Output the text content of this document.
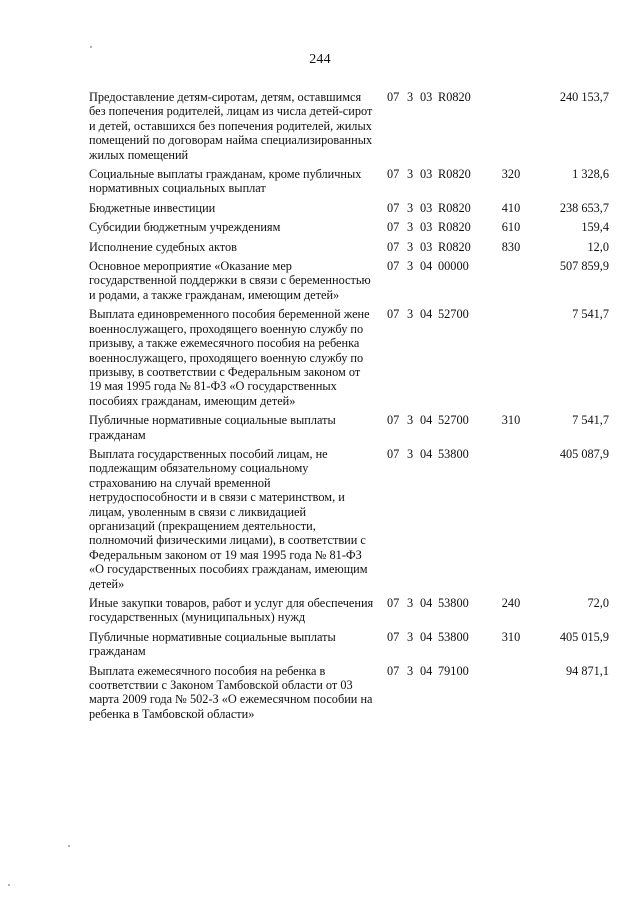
244
Предоставление детям-сиротам, детям, оставшимся без попечения родителей, лицам из числа детей-сирот и детей, оставшихся без попечения родителей, жилых помещений по договорам найма специализированных жилых помещений	07	3	03	R0820		240 153,7
Социальные выплаты гражданам, кроме публичных нормативных социальных выплат	07	3	03	R0820	320	1 328,6
Бюджетные инвестиции	07	3	03	R0820	410	238 653,7
Субсидии бюджетным учреждениям	07	3	03	R0820	610	159,4
Исполнение судебных актов	07	3	03	R0820	830	12,0
Основное мероприятие «Оказание мер государственной поддержки в связи с беременностью и родами, а также гражданам, имеющим детей»	07	3	04	00000		507 859,9
Выплата единовременного пособия беременной жене военнослужащего, проходящего военную службу по призыву, а также ежемесячного пособия на ребенка военнослужащего, проходящего военную службу по призыву, в соответствии с Федеральным законом от 19 мая 1995 года № 81-ФЗ «О государственных пособиях гражданам, имеющим детей»	07	3	04	52700		7 541,7
Публичные нормативные социальные выплаты гражданам	07	3	04	52700	310	7 541,7
Выплата государственных пособий лицам, не подлежащим обязательному социальному страхованию на случай временной нетрудоспособности и в связи с материнством, и лицам, уволенным в связи с ликвидацией организаций (прекращением деятельности, полномочий физическими лицами), в соответствии с Федеральным законом от 19 мая 1995 года № 81-ФЗ «О государственных пособиях гражданам, имеющим детей»	07	3	04	53800		405 087,9
Иные закупки товаров, работ и услуг для обеспечения государственных (муниципальных) нужд	07	3	04	53800	240	72,0
Публичные нормативные социальные выплаты гражданам	07	3	04	53800	310	405 015,9
Выплата ежемесячного пособия на ребенка в соответствии с Законом Тамбовской области от 03 марта 2009 года № 502-З «О ежемесячном пособии на ребенка в Тамбовской области»	07	3	04	79100		94 871,1
